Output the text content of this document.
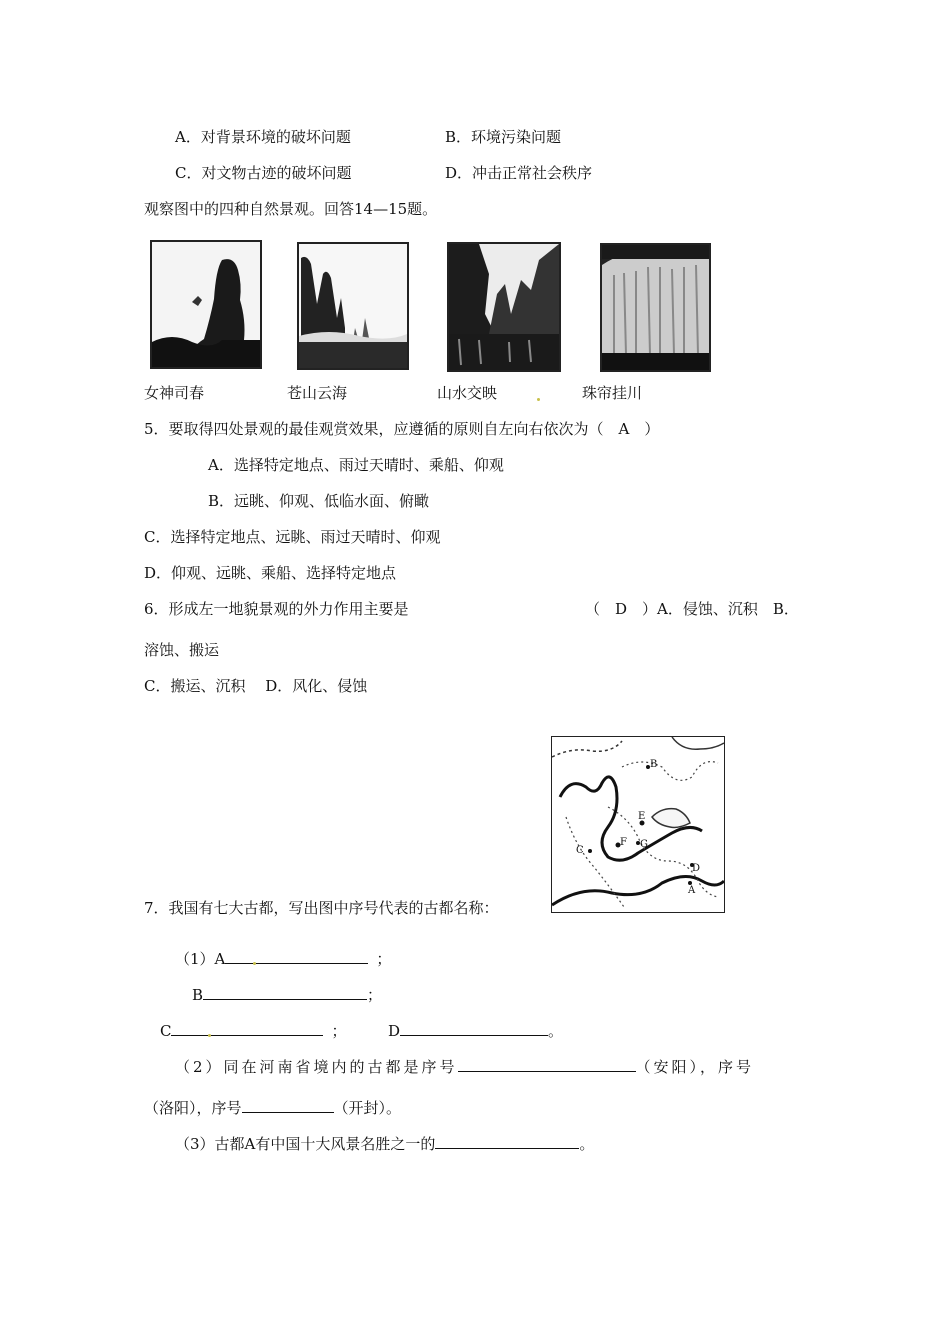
A．对背景环境的破坏问题	B．环境污染问题
C．对文物古迹的破坏问题	D．冲击正常社会秩序
观察图中的四种自然景观。回答14—15题。
女神司春	苍山云海	山水交映	珠帘挂川
5．要取得四处景观的最佳观赏效果，应遵循的原则自左向右依次为（　A　）
A．选择特定地点、雨过天晴时、乘船、仰观
B．远眺、仰观、低临水面、俯瞰
C．选择特定地点、远眺、雨过天晴时、仰观
D．仰观、远眺、乘船、选择特定地点
6．形成左一地貌景观的外力作用主要是	（　D　）A．侵蚀、沉积　B．
溶蚀、搬运
C．搬运、沉积　 D．风化、侵蚀
A
B
C
D
E
F G
7．我国有七大古都，写出图中序号代表的古都名称：
（1）A	；
B	；
C	；	D	。
（2）同在河南省境内的古都是序号	（安阳），序号
（洛阳），序号	（开封）。
（3）古都A有中国十大风景名胜之一的	。
